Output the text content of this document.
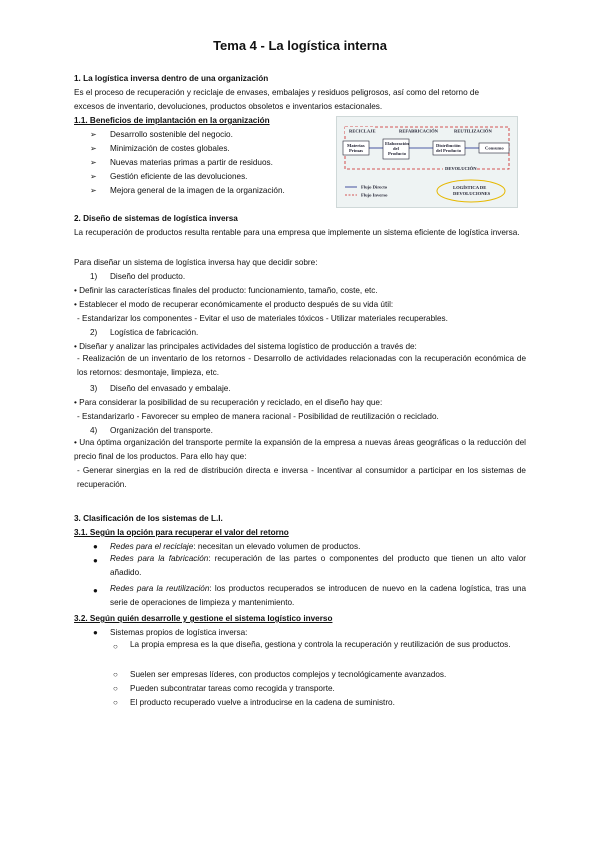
Tema 4 - La logística interna
1. La logística inversa dentro de una organización
Es el proceso de recuperación y reciclaje de envases, embalajes y residuos peligrosos, así como del retorno de
excesos de inventario, devoluciones, productos obsoletos e inventarios estacionales.
1.1. Beneficios de implantación en la organización
➢ Desarrollo sostenible del negocio.
➢ Minimización de costes globales.
➢ Nuevas materias primas a partir de residuos.
➢ Gestión eficiente de las devoluciones.
➢ Mejora general de la imagen de la organización.
RECICLAJE	REFABRICACIÓN	REUTILIZACIÓN
Materias
Primas
Elaboración
del
Producto
Distribución
del Producto	Consumo
DEVOLUCIÓN
Flujo Directo
Flujo Inverso
LOGÍSTICA DE
DEVOLUCIONES
2. Diseño de sistemas de logística inversa
La recuperación de productos resulta rentable para una empresa que implemente un sistema eficiente de logística inversa.
Para diseñar un sistema de logística inversa hay que decidir sobre:
1) Diseño del producto.
• Definir las características finales del producto: funcionamiento, tamaño, coste, etc.
• Establecer el modo de recuperar económicamente el producto después de su vida útil:
- Estandarizar los componentes - Evitar el uso de materiales tóxicos - Utilizar materiales recuperables.
2) Logística de fabricación.
• Diseñar y analizar las principales actividades del sistema logístico de producción a través de:
- Realización de un inventario de los retornos - Desarrollo de actividades relacionadas con la recuperación económica de los retornos: desmontaje, limpieza, etc.
3) Diseño del envasado y embalaje.
• Para considerar la posibilidad de su recuperación y reciclado, en el diseño hay que:
- Estandarizarlo - Favorecer su empleo de manera racional - Posibilidad de reutilización o reciclado.
4) Organización del transporte.
• Una óptima organización del transporte permite la expansión de la empresa a nuevas áreas geográficas o la reducción del precio final de los productos. Para ello hay que:
- Generar sinergias en la red de distribución directa e inversa - Incentivar al consumidor a participar en los sistemas de recuperación.
3. Clasificación de los sistemas de L.I.
3.1. Según la opción para recuperar el valor del retorno
● Redes para el reciclaje: necesitan un elevado volumen de productos.
● Redes para la fabricación: recuperación de las partes o componentes del producto que tienen un alto valor añadido.
● Redes para la reutilización: los productos recuperados se introducen de nuevo en la cadena logística, tras una serie de operaciones de limpieza y mantenimiento.
3.2. Según quién desarrolle y gestione el sistema logístico inverso
● Sistemas propios de logística inversa:
○ La propia empresa es la que diseña, gestiona y controla la recuperación y reutilización de sus productos.
○ Suelen ser empresas líderes, con productos complejos y tecnológicamente avanzados.
○ Pueden subcontratar tareas como recogida y transporte.
○ El producto recuperado vuelve a introducirse en la cadena de suministro.
